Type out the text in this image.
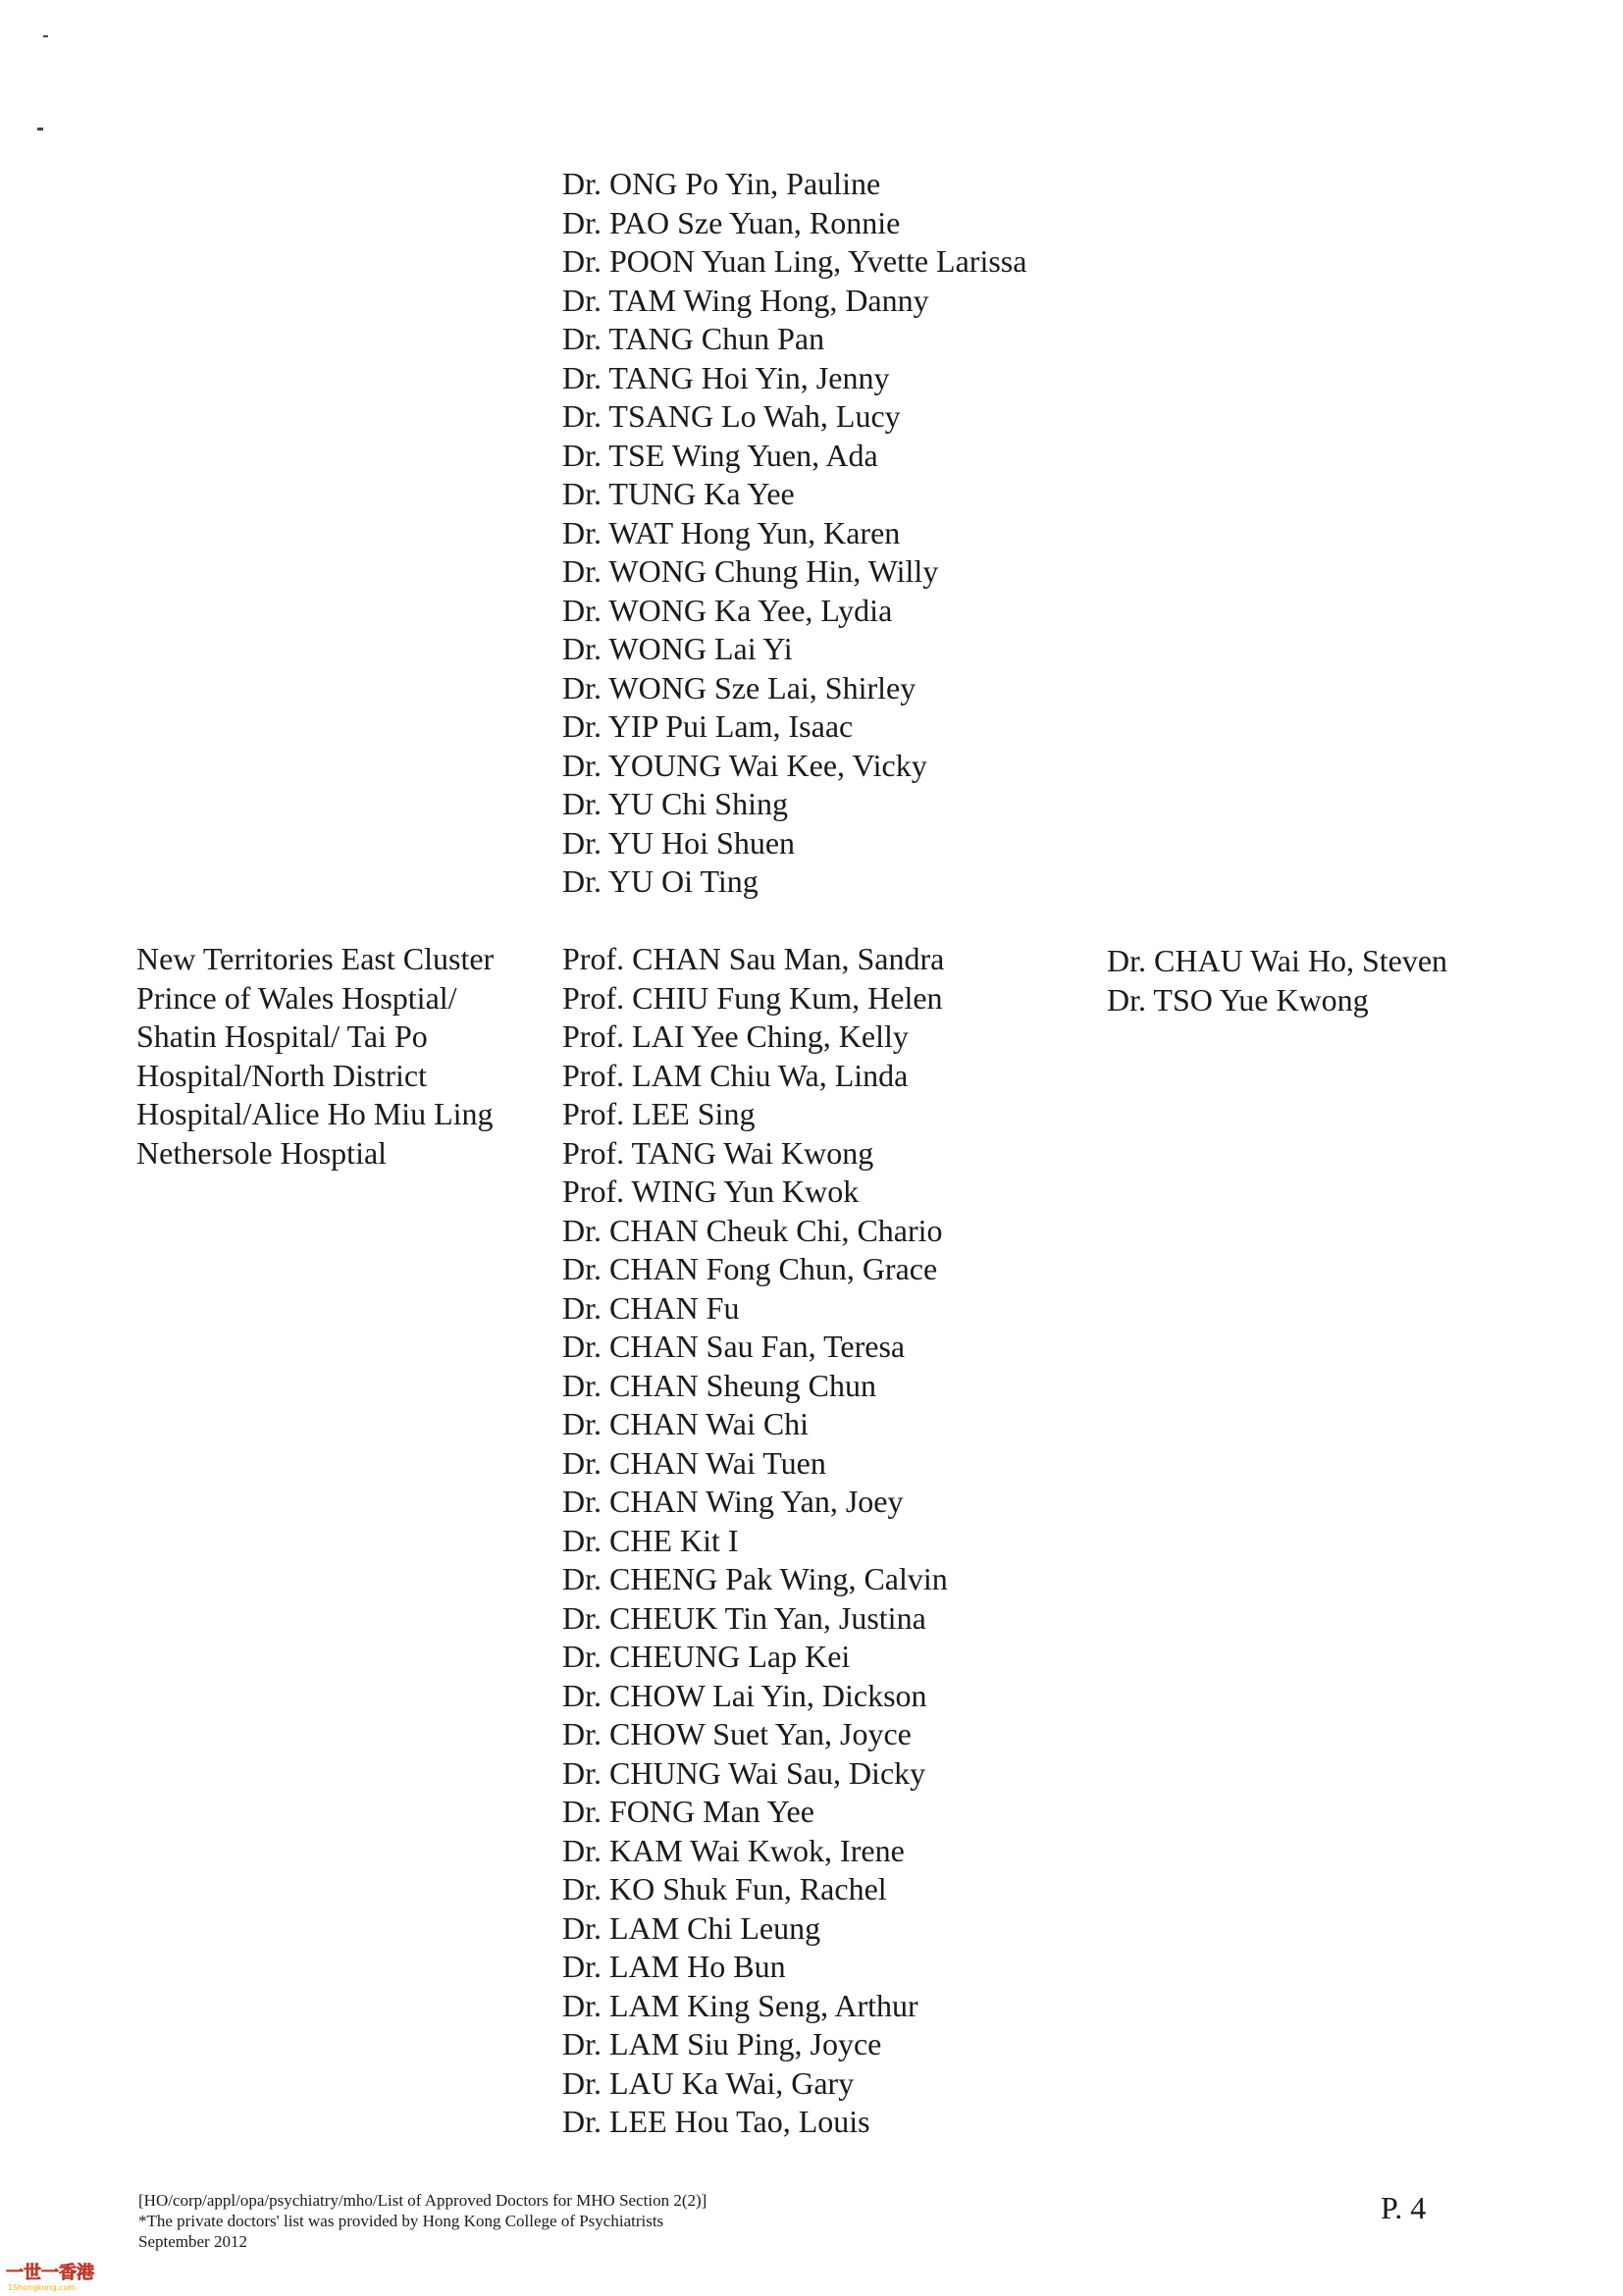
Dr. ONG Po Yin, Pauline
Dr. PAO Sze Yuan, Ronnie
Dr. POON Yuan Ling, Yvette Larissa
Dr. TAM Wing Hong, Danny
Dr. TANG Chun Pan
Dr. TANG Hoi Yin, Jenny
Dr. TSANG Lo Wah, Lucy
Dr. TSE Wing Yuen, Ada
Dr. TUNG Ka Yee
Dr. WAT Hong Yun, Karen
Dr. WONG Chung Hin, Willy
Dr. WONG Ka Yee, Lydia
Dr. WONG Lai Yi
Dr. WONG Sze Lai, Shirley
Dr. YIP Pui Lam, Isaac
Dr. YOUNG Wai Kee, Vicky
Dr. YU Chi Shing
Dr. YU Hoi Shuen
Dr. YU Oi Ting
New Territories East Cluster
Prince of Wales Hosptial/
Shatin Hospital/ Tai Po
Hospital/North District
Hospital/Alice Ho Miu Ling
Nethersole Hosptial
Prof. CHAN Sau Man, Sandra
Prof. CHIU Fung Kum, Helen
Prof. LAI Yee Ching, Kelly
Prof. LAM Chiu Wa, Linda
Prof. LEE Sing
Prof. TANG Wai Kwong
Prof. WING Yun Kwok
Dr. CHAN Cheuk Chi, Chario
Dr. CHAN Fong Chun, Grace
Dr. CHAN Fu
Dr. CHAN Sau Fan, Teresa
Dr. CHAN Sheung Chun
Dr. CHAN Wai Chi
Dr. CHAN Wai Tuen
Dr. CHAN Wing Yan, Joey
Dr. CHE Kit I
Dr. CHENG Pak Wing, Calvin
Dr. CHEUK Tin Yan, Justina
Dr. CHEUNG Lap Kei
Dr. CHOW Lai Yin, Dickson
Dr. CHOW Suet Yan, Joyce
Dr. CHUNG Wai Sau, Dicky
Dr. FONG Man Yee
Dr. KAM Wai Kwok, Irene
Dr. KO Shuk Fun, Rachel
Dr. LAM Chi Leung
Dr. LAM Ho Bun
Dr. LAM King Seng, Arthur
Dr. LAM Siu Ping, Joyce
Dr. LAU Ka Wai, Gary
Dr. LEE Hou Tao, Louis
Dr. CHAU Wai Ho, Steven
Dr. TSO Yue Kwong
[HO/corp/appl/opa/psychiatry/mho/List of Approved Doctors for MHO Section 2(2)]
*The private doctors' list was provided by Hong Kong College of Psychiatrists
September 2012
P. 4
一世一香港
1Shongkong.com
